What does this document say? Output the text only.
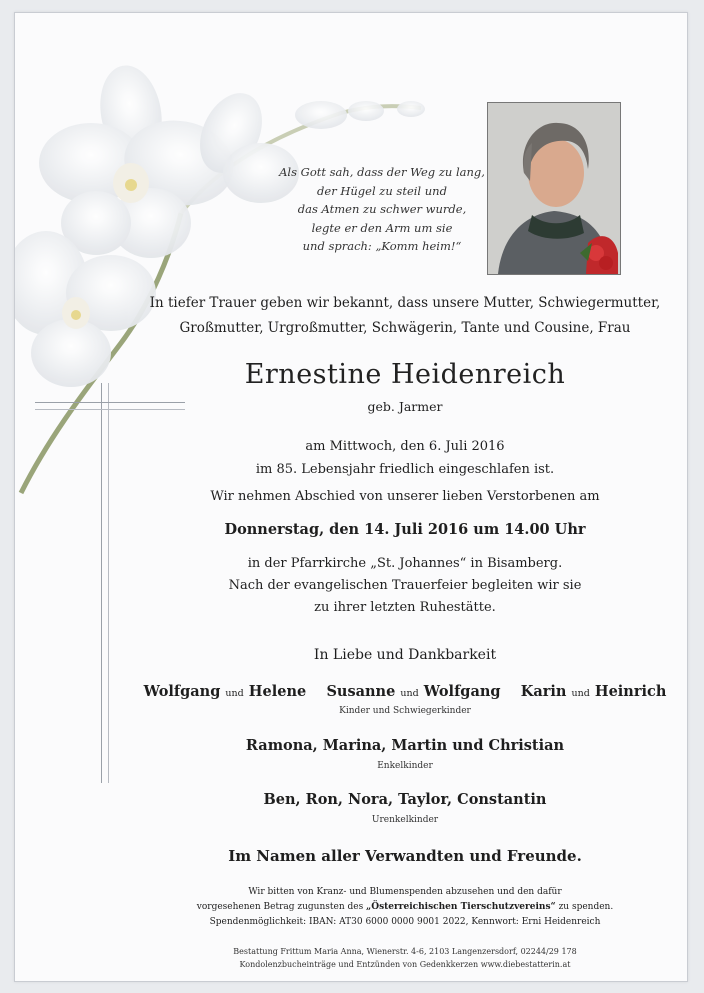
Als Gott sah, dass der Weg zu lang,
der Hügel zu steil und
das Atmen zu schwer wurde,
legte er den Arm um sie
und sprach: „Komm heim!“
In tiefer Trauer geben wir bekannt, dass unsere Mutter, Schwiegermutter,
Großmutter, Urgroßmutter, Schwägerin, Tante und Cousine, Frau
Ernestine Heidenreich
geb. Jarmer
am Mittwoch, den 6. Juli 2016
im 85. Lebensjahr friedlich eingeschlafen ist.
Wir nehmen Abschied von unserer lieben Verstorbenen am
Donnerstag, den 14. Juli 2016 um 14.00 Uhr
in der Pfarrkirche „St. Johannes“ in Bisamberg.
Nach der evangelischen Trauerfeier begleiten wir sie
zu ihrer letzten Ruhestätte.
In Liebe und Dankbarkeit
Wolfgang und Helene Susanne und Wolfgang Karin und Heinrich
Kinder und Schwiegerkinder
Ramona, Marina, Martin und Christian
Enkelkinder
Ben, Ron, Nora, Taylor, Constantin
Urenkelkinder
Im Namen aller Verwandten und Freunde.
Wir bitten von Kranz- und Blumenspenden abzusehen und den dafür
vorgesehenen Betrag zugunsten des „Österreichischen Tierschutzvereins“ zu spenden.
Spendenmöglichkeit: IBAN: AT30 6000 0000 9001 2022, Kennwort: Erni Heidenreich
Bestattung Frittum Maria Anna, Wienerstr. 4-6, 2103 Langenzersdorf, 02244/29 178
Kondolenzbucheinträge und Entzünden von Gedenkkerzen www.diebestatterin.at
